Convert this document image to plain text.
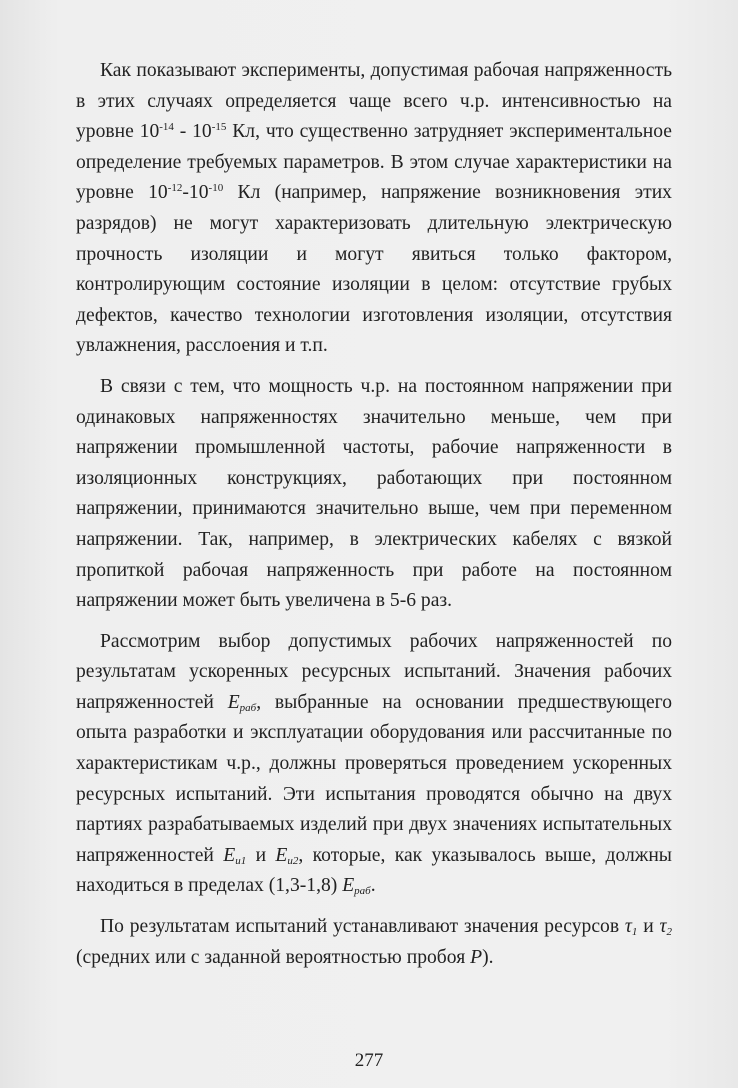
Как показывают эксперименты, допустимая рабочая напряженность в этих случаях определяется чаще всего ч.р. интенсивностью на уровне $10^{-14} - 10^{-15}$ Кл, что существенно затрудняет экспериментальное определение требуемых параметров. В этом случае характеристики на уровне $10^{-12}-10^{-10}$ Кл (например, напряжение возникновения этих разрядов) не могут характеризовать длительную электрическую прочность изоляции и могут явиться только фактором, контролирующим состояние изоляции в целом: отсутствие грубых дефектов, качество технологии изготовления изоляции, отсутствия увлажнения, расслоения и т.п.

В связи с тем, что мощность ч.р. на постоянном напряжении при одинаковых напряженностях значительно меньше, чем при напряжении промышленной частоты, рабочие напряженности в изоляционных конструкциях, работающих при постоянном напряжении, принимаются значительно выше, чем при переменном напряжении. Так, например, в электрических кабелях с вязкой пропиткой рабочая напряженность при работе на постоянном напряжении может быть увеличена в 5-6 раз.

Рассмотрим выбор допустимых рабочих напряженностей по результатам ускоренных ресурсных испытаний. Значения рабочих напряженностей $E_{раб}$, выбранные на основании предшествующего опыта разработки и эксплуатации оборудования или рассчитанные по характеристикам ч.р., должны проверяться проведением ускоренных ресурсных испытаний. Эти испытания проводятся обычно на двух партиях разрабатываемых изделий при двух значениях испытательных напряженностей $E_{и1}$ и $E_{и2}$, которые, как указывалось выше, должны находиться в пределах (1,3-1,8) $E_{раб}$.

По результатам испытаний устанавливают значения ресурсов $\tau_1$ и $\tau_2$ (средних или с заданной вероятностью пробоя P).

277
